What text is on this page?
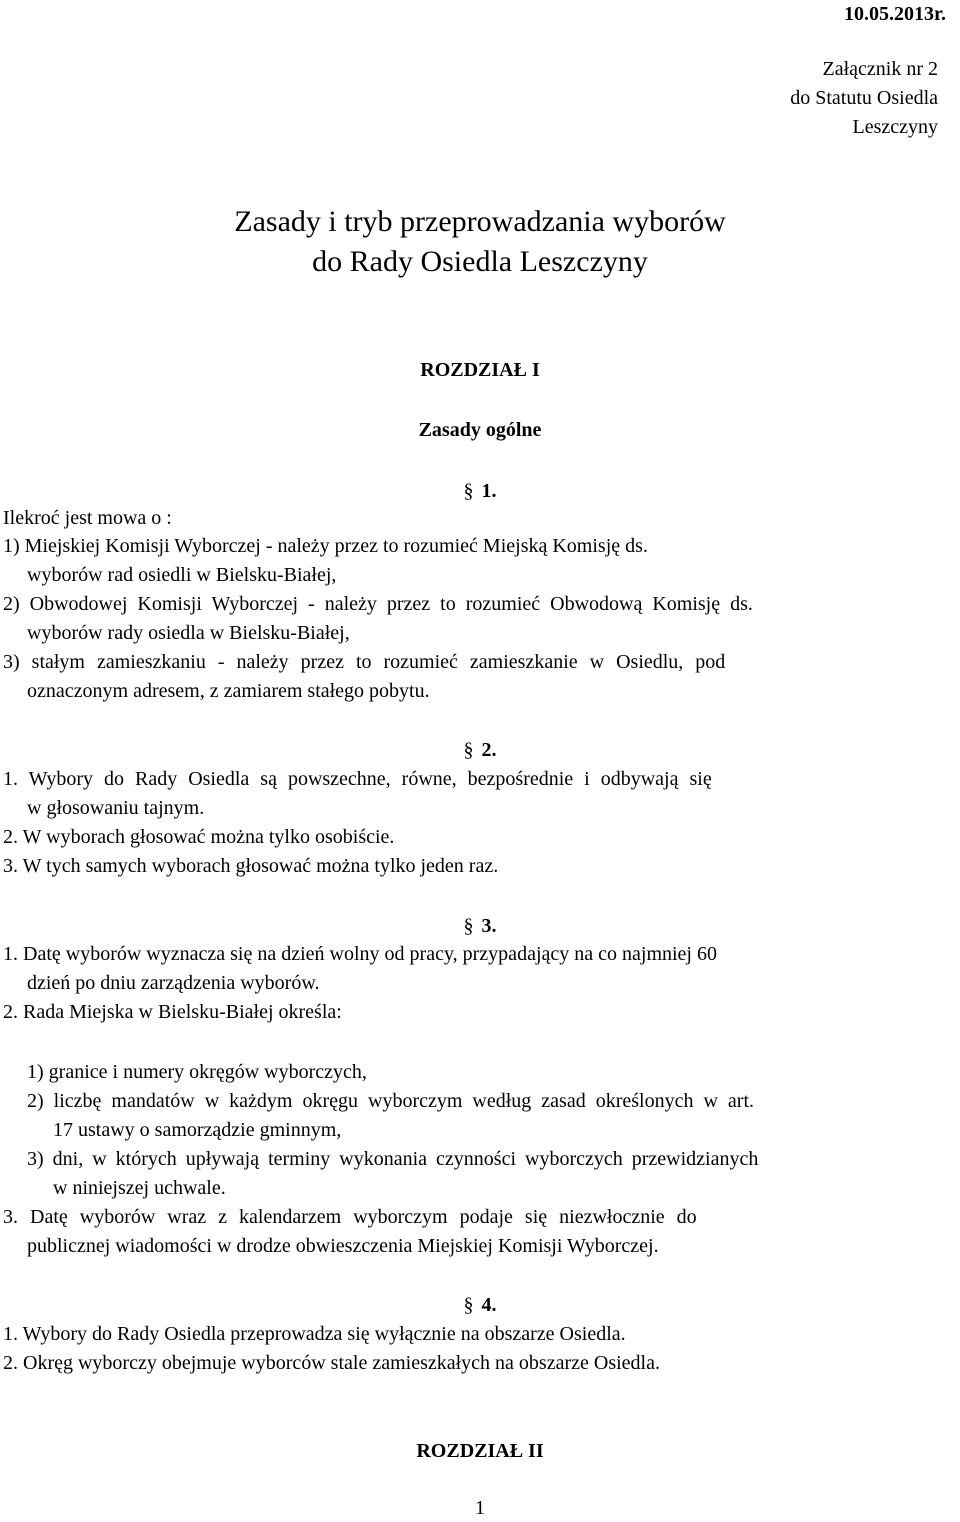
10.05.2013r.
Załącznik nr 2
do Statutu Osiedla
Leszczyny
Zasady i tryb przeprowadzania wyborów
do Rady Osiedla Leszczyny
ROZDZIAŁ I
Zasady ogólne
§ 1.
Ilekroć jest mowa o :
1) Miejskiej Komisji Wyborczej - należy przez to rozumieć Miejską Komisję ds.
wyborów rad osiedli w Bielsku-Białej,
2) Obwodowej Komisji Wyborczej - należy przez to rozumieć Obwodową Komisję ds.
wyborów rady osiedla w Bielsku-Białej,
3) stałym zamieszkaniu - należy przez to rozumieć zamieszkanie w Osiedlu, pod
oznaczonym adresem, z zamiarem stałego pobytu.
§ 2.
1. Wybory do Rady Osiedla są powszechne, równe, bezpośrednie i odbywają się
w głosowaniu tajnym.
2. W wyborach głosować można tylko osobiście.
3. W tych samych wyborach głosować można tylko jeden raz.
§ 3.
1. Datę wyborów wyznacza się na dzień wolny od pracy, przypadający na co najmniej 60
dzień po dniu zarządzenia wyborów.
2. Rada Miejska w Bielsku-Białej określa:
1) granice i numery okręgów wyborczych,
2) liczbę mandatów w każdym okręgu wyborczym według zasad określonych w art.
17 ustawy o samorządzie gminnym,
3) dni, w których upływają terminy wykonania czynności wyborczych przewidzianych
w niniejszej uchwale.
3. Datę wyborów wraz z kalendarzem wyborczym podaje się niezwłocznie do
publicznej wiadomości w drodze obwieszczenia Miejskiej Komisji Wyborczej.
§ 4.
1. Wybory do Rady Osiedla przeprowadza się wyłącznie na obszarze Osiedla.
2. Okręg wyborczy obejmuje wyborców stale zamieszkałych na obszarze Osiedla.
ROZDZIAŁ II
1
